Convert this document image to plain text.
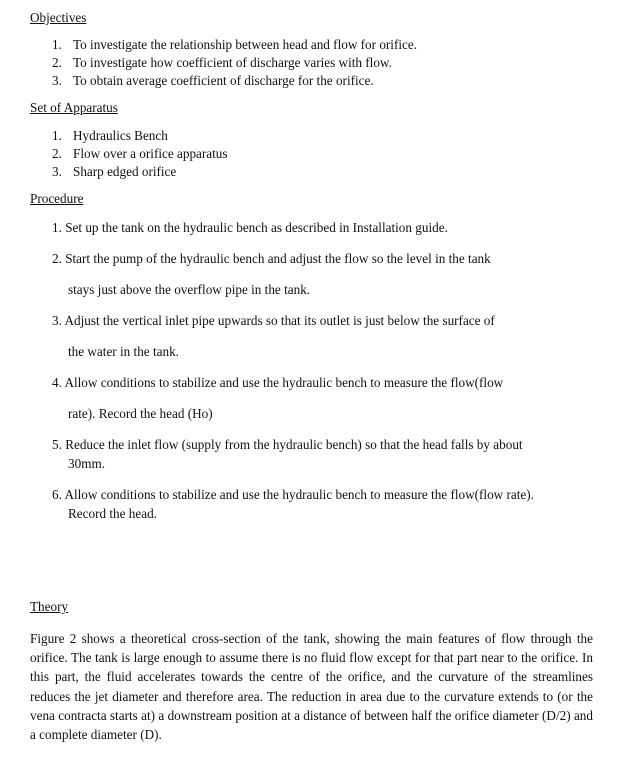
Objectives
1. To investigate the relationship between head and flow for orifice.
2. To investigate how coefficient of discharge varies with flow.
3. To obtain average coefficient of discharge for the orifice.
Set of Apparatus
1. Hydraulics Bench
2. Flow over a orifice apparatus
3. Sharp edged orifice
Procedure
1. Set up the tank on the hydraulic bench as described in Installation guide.
2. Start the pump of the hydraulic bench and adjust the flow so the level in the tank
stays just above the overflow pipe in the tank.
3. Adjust the vertical inlet pipe upwards so that its outlet is just below the surface of
the water in the tank.
4. Allow conditions to stabilize and use the hydraulic bench to measure the flow(flow
rate). Record the head (Ho)
5. Reduce the inlet flow (supply from the hydraulic bench) so that the head falls by about
30mm.
6. Allow conditions to stabilize and use the hydraulic bench to measure the flow(flow rate).
Record the head.
Theory

Figure 2 shows a theoretical cross-section of the tank, showing the main features of flow through the orifice. The tank is large enough to assume there is no fluid flow except for that part near to the orifice. In this part, the fluid accelerates towards the centre of the orifice, and the curvature of the streamlines reduces the jet diameter and therefore area. The reduction in area due to the curvature extends to (or the vena contracta starts at) a downstream position at a distance of between half the orifice diameter (D/2) and a complete diameter (D).
